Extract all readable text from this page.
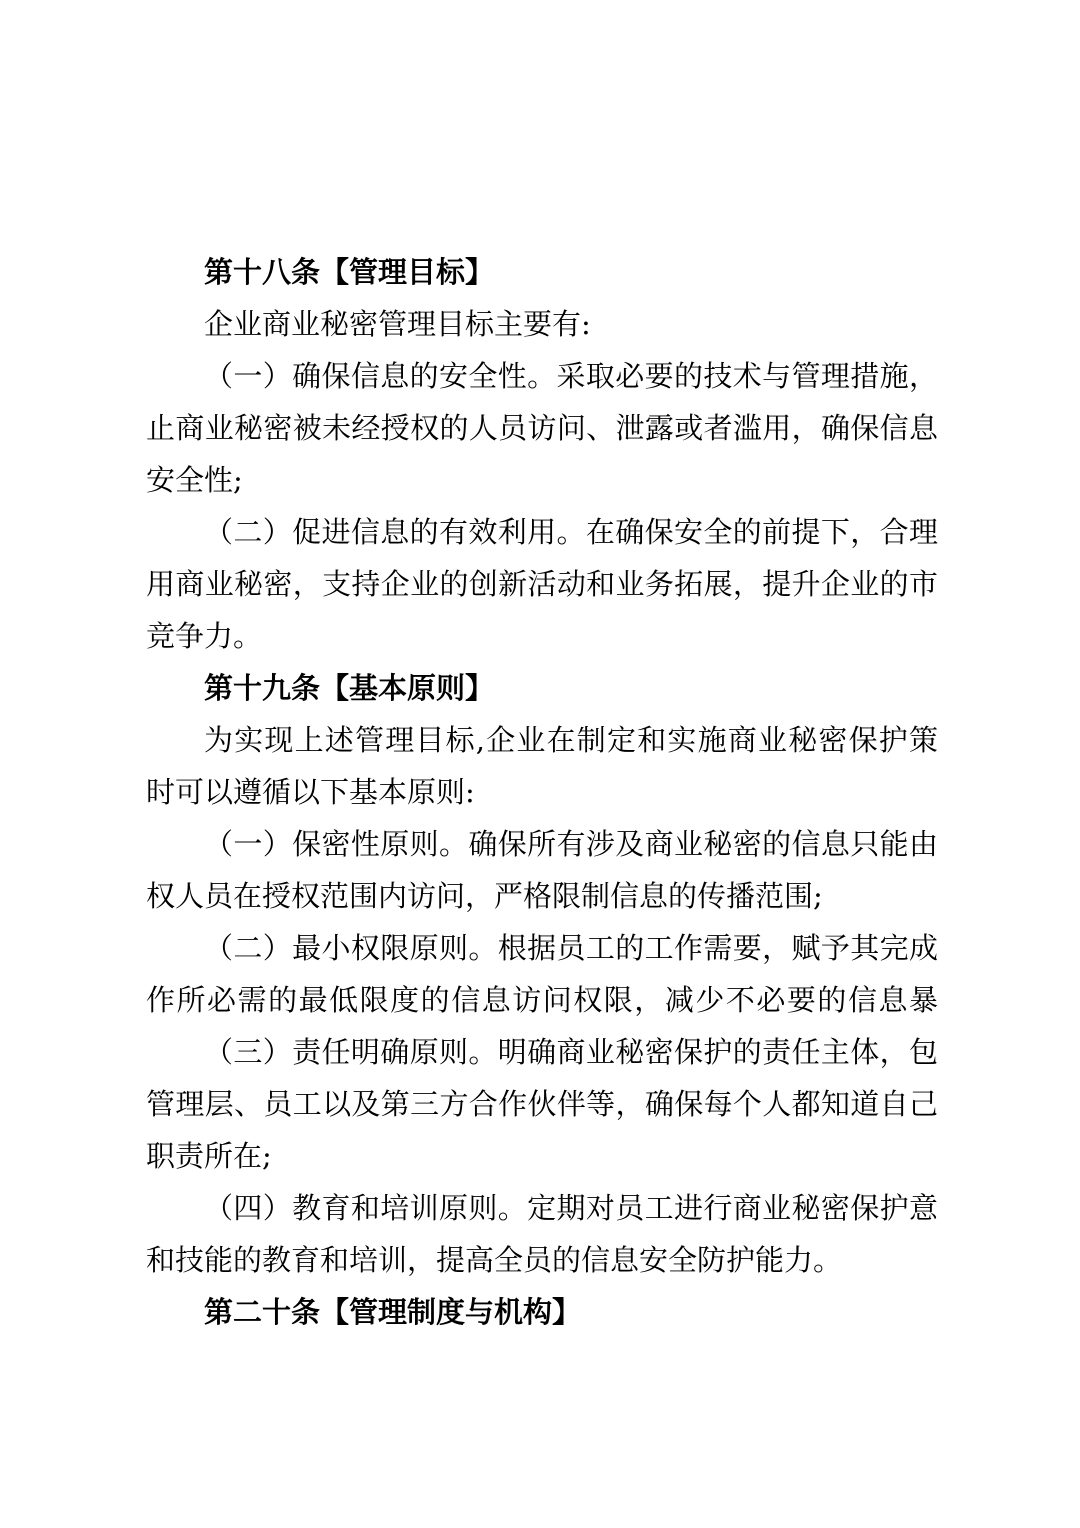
第十八条【管理目标】
企业商业秘密管理目标主要有:
（一）确保信息的安全性。采取必要的技术与管理措施，
止商业秘密被未经授权的人员访问、泄露或者滥用，确保信息
安全性;
（二）促进信息的有效利用。在确保安全的前提下，合理
用商业秘密，支持企业的创新活动和业务拓展，提升企业的市
竞争力。
第十九条【基本原则】
为实现上述管理目标,企业在制定和实施商业秘密保护策
时可以遵循以下基本原则:
（一）保密性原则。确保所有涉及商业秘密的信息只能由
权人员在授权范围内访问，严格限制信息的传播范围;
（二）最小权限原则。根据员工的工作需要，赋予其完成
作所必需的最低限度的信息访问权限，减少不必要的信息暴
（三）责任明确原则。明确商业秘密保护的责任主体，包
管理层、员工以及第三方合作伙伴等，确保每个人都知道自己
职责所在;
（四）教育和培训原则。定期对员工进行商业秘密保护意
和技能的教育和培训，提高全员的信息安全防护能力。
第二十条【管理制度与机构】
